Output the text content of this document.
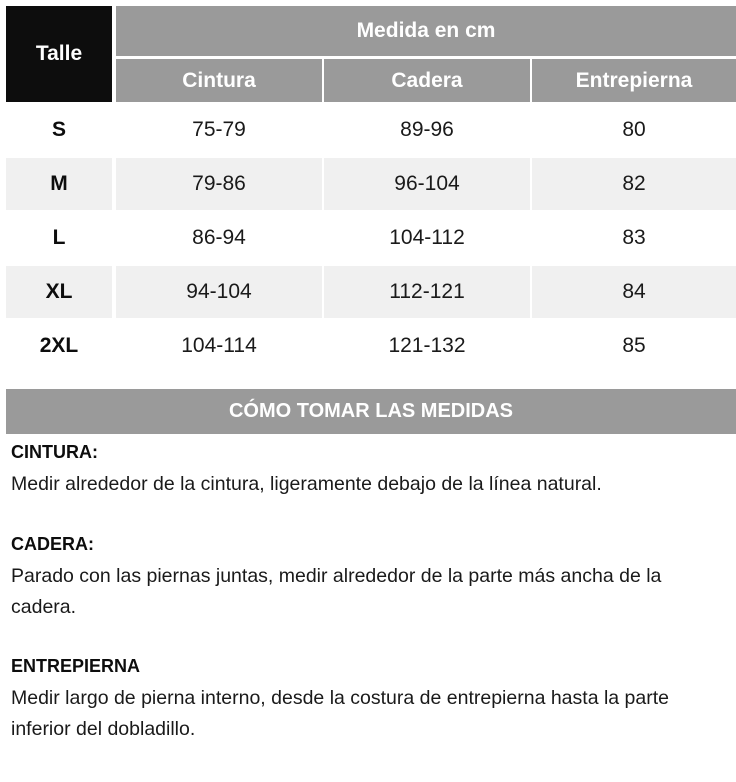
Talle
Medida en cm
Cintura	Cadera	Entrepierna
S	75-79	89-96	80
M	79-86	96-104	82
L	86-94	104-112	83
XL	94-104	112-121	84
2XL	104-114	121-132	85
CÓMO TOMAR LAS MEDIDAS

CINTURA:

Medir alrededor de la cintura, ligeramente debajo de la línea natural.

CADERA:

Parado con las piernas juntas, medir alrededor de la parte más ancha de la cadera.

ENTREPIERNA

Medir largo de pierna interno, desde la costura de entrepierna hasta la parte inferior del dobladillo.
